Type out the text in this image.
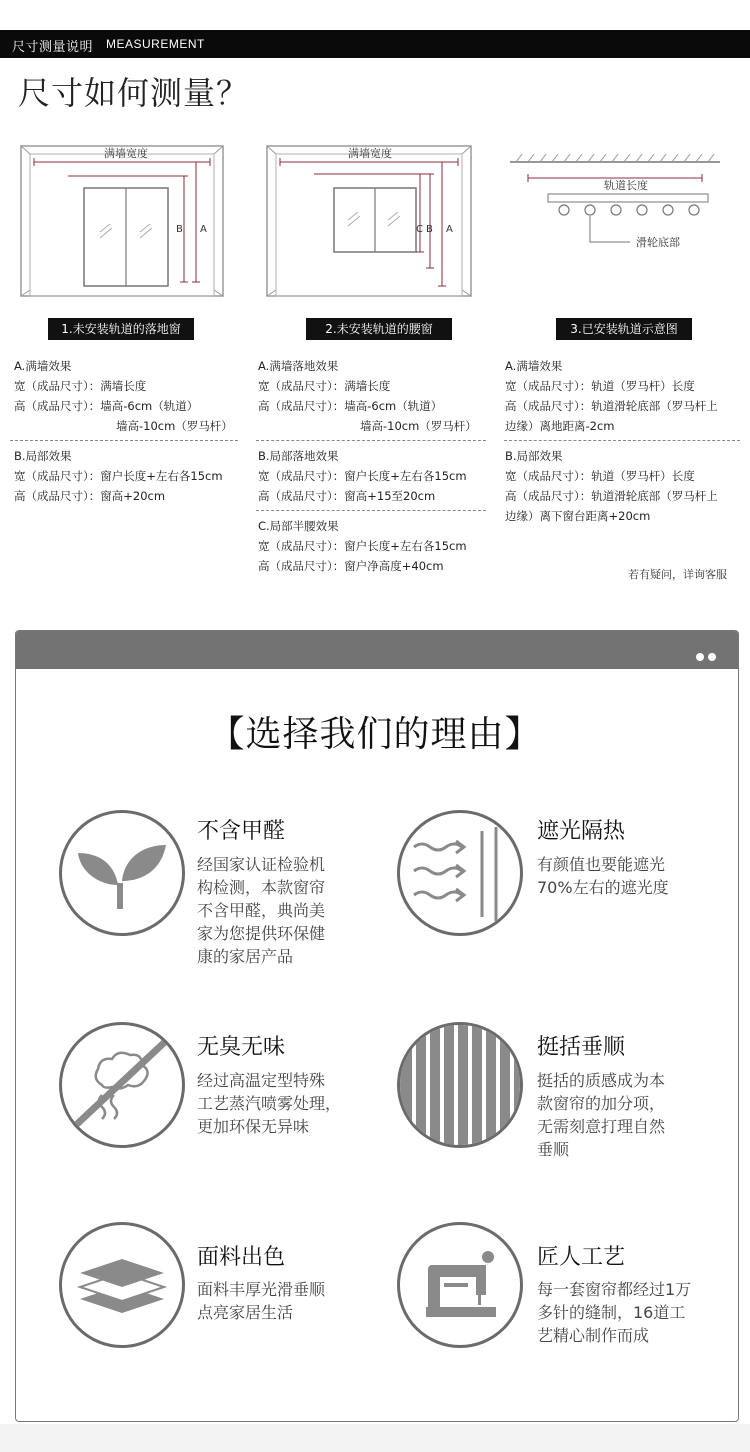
尺寸测量说明 MEASUREMENT
尺寸如何测量？
满墙宽度
B A
1.未安装轨道的落地窗
满墙宽度
C B A
2.未安装轨道的腰窗
轨道长度
滑轮底部
3.已安装轨道示意图
A.满墙效果
宽（成品尺寸）：满墙长度
高（成品尺寸）：墙高-6cm（轨道）
墙高-10cm（罗马杆）
A.满墙落地效果
宽（成品尺寸）：满墙长度
高（成品尺寸）：墙高-6cm（轨道）
墙高-10cm（罗马杆）
A.满墙效果
宽（成品尺寸）：轨道（罗马杆）长度
高（成品尺寸）：轨道滑轮底部（罗马杆上
边缘）离地距离-2cm
B.局部效果
宽（成品尺寸）：窗户长度+左右各15cm
高（成品尺寸）：窗高+20cm
B.局部落地效果
宽（成品尺寸）：窗户长度+左右各15cm
高（成品尺寸）：窗高+15至20cm
B.局部效果
宽（成品尺寸）：轨道（罗马杆）长度
高（成品尺寸）：轨道滑轮底部（罗马杆上
边缘）离下窗台距离+20cm
C.局部半腰效果
宽（成品尺寸）：窗户长度+左右各15cm
高（成品尺寸）：窗户净高度+40cm
若有疑问，详询客服
【选择我们的理由】
不含甲醛
经国家认证检验机
构检测，本款窗帘
不含甲醛，典尚美
家为您提供环保健
康的家居产品
遮光隔热
有颜值也要能遮光
70%左右的遮光度
无臭无味
经过高温定型特殊
工艺蒸汽喷雾处理，
更加环保无异味
挺括垂顺
挺括的质感成为本
款窗帘的加分项，
无需刻意打理自然
垂顺
面料出色
面料丰厚光滑垂顺
点亮家居生活
匠人工艺
每一套窗帘都经过1万
多针的缝制，16道工
艺精心制作而成
